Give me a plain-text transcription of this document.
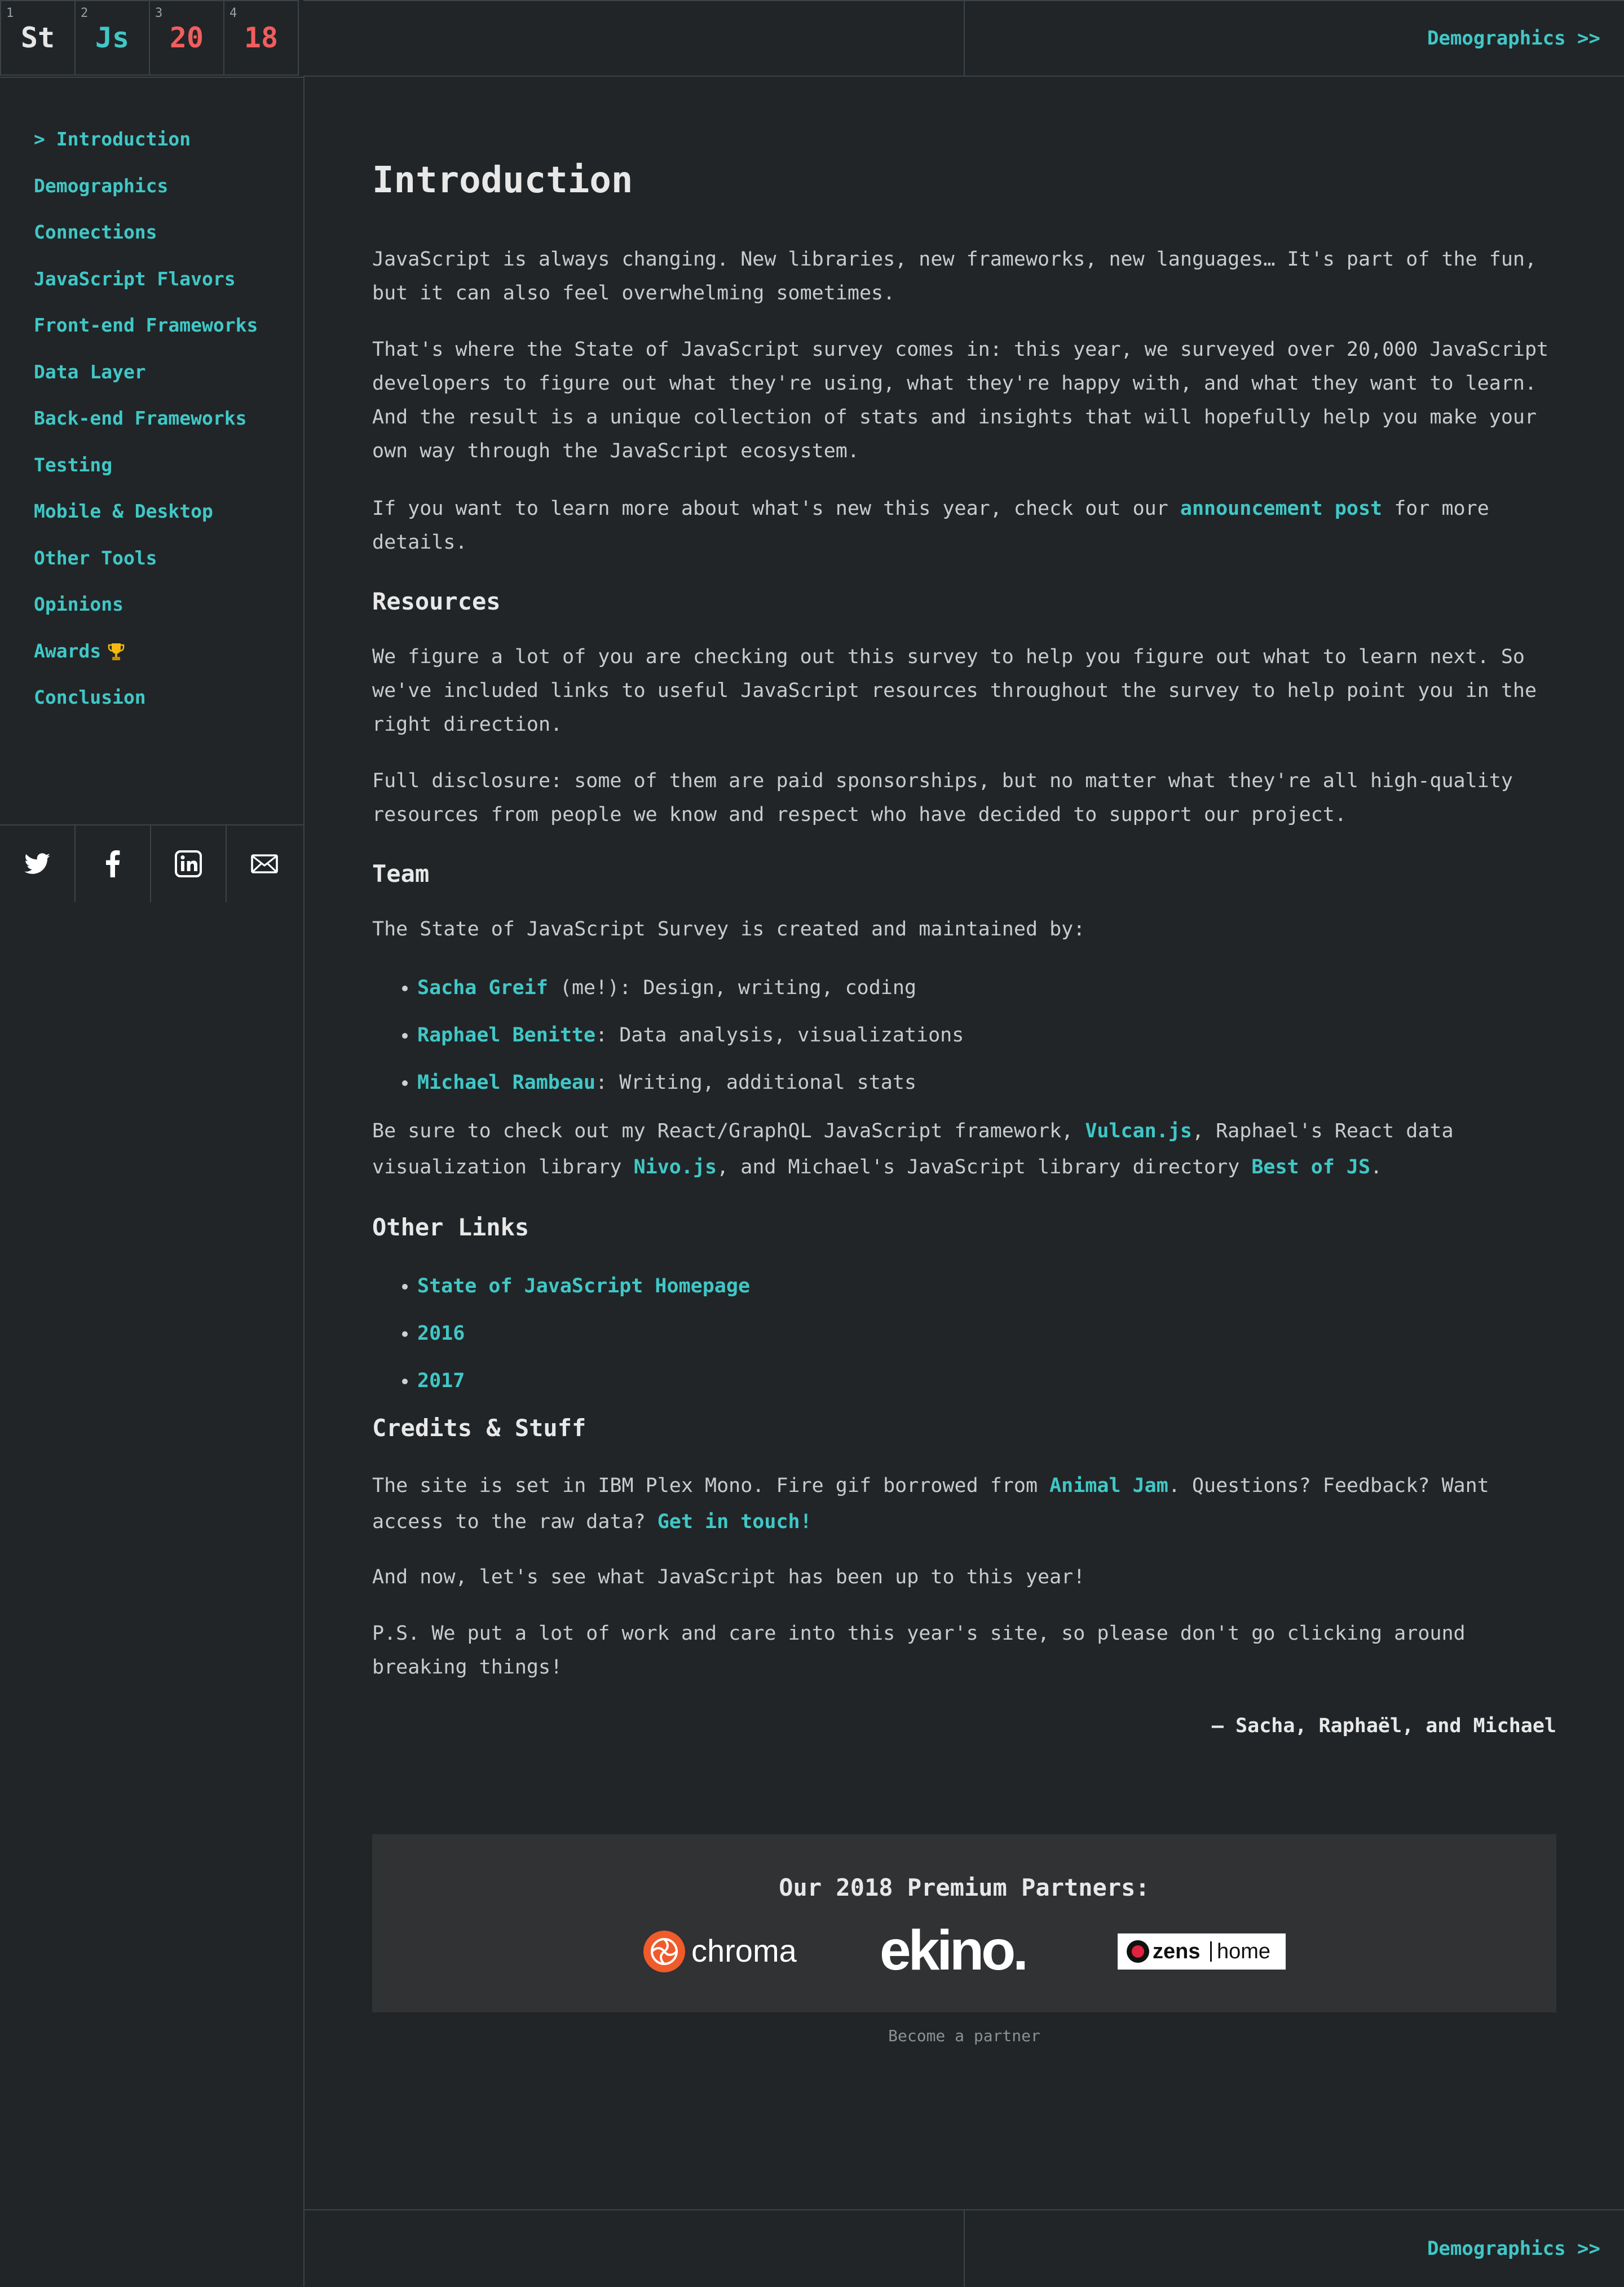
1
St
2
Js
3
20
4
18	Demographics >>
> Introduction
Demographics
Connections
JavaScript Flavors
Front-end Frameworks
Data Layer
Back-end Frameworks
Testing
Mobile & Desktop
Other Tools
Opinions
Awards
Conclusion
Introduction

JavaScript is always changing. New libraries, new frameworks, new languages… It's part of the fun, but it can also feel overwhelming sometimes.

That's where the State of JavaScript survey comes in: this year, we surveyed over 20,000 JavaScript developers to figure out what they're using, what they're happy with, and what they want to learn. And the result is a unique collection of stats and insights that will hopefully help you make your own way through the JavaScript ecosystem.

If you want to learn more about what's new this year, check out our announcement post for more details.

Resources

We figure a lot of you are checking out this survey to help you figure out what to learn next. So we've included links to useful JavaScript resources throughout the survey to help point you in the right direction.

Full disclosure: some of them are paid sponsorships, but no matter what they're all high-quality resources from people we know and respect who have decided to support our project.

Team

The State of JavaScript Survey is created and maintained by:

• Sacha Greif (me!): Design, writing, coding
• Raphael Benitte: Data analysis, visualizations
• Michael Rambeau: Writing, additional stats

Be sure to check out my React/GraphQL JavaScript framework, Vulcan.js, Raphael's React data visualization library Nivo.js, and Michael's JavaScript library directory Best of JS.

Other Links
• State of JavaScript Homepage
• 2016
• 2017
Credits & Stuff

The site is set in IBM Plex Mono. Fire gif borrowed from Animal Jam. Questions? Feedback? Want access to the raw data? Get in touch!

And now, let's see what JavaScript has been up to this year!

P.S. We put a lot of work and care into this year's site, so please don't go clicking around breaking things!

– Sacha, Raphaël, and Michael
Our 2018 Premium Partners:
chroma ekino.	zens home
Become a partner
Demographics >>
